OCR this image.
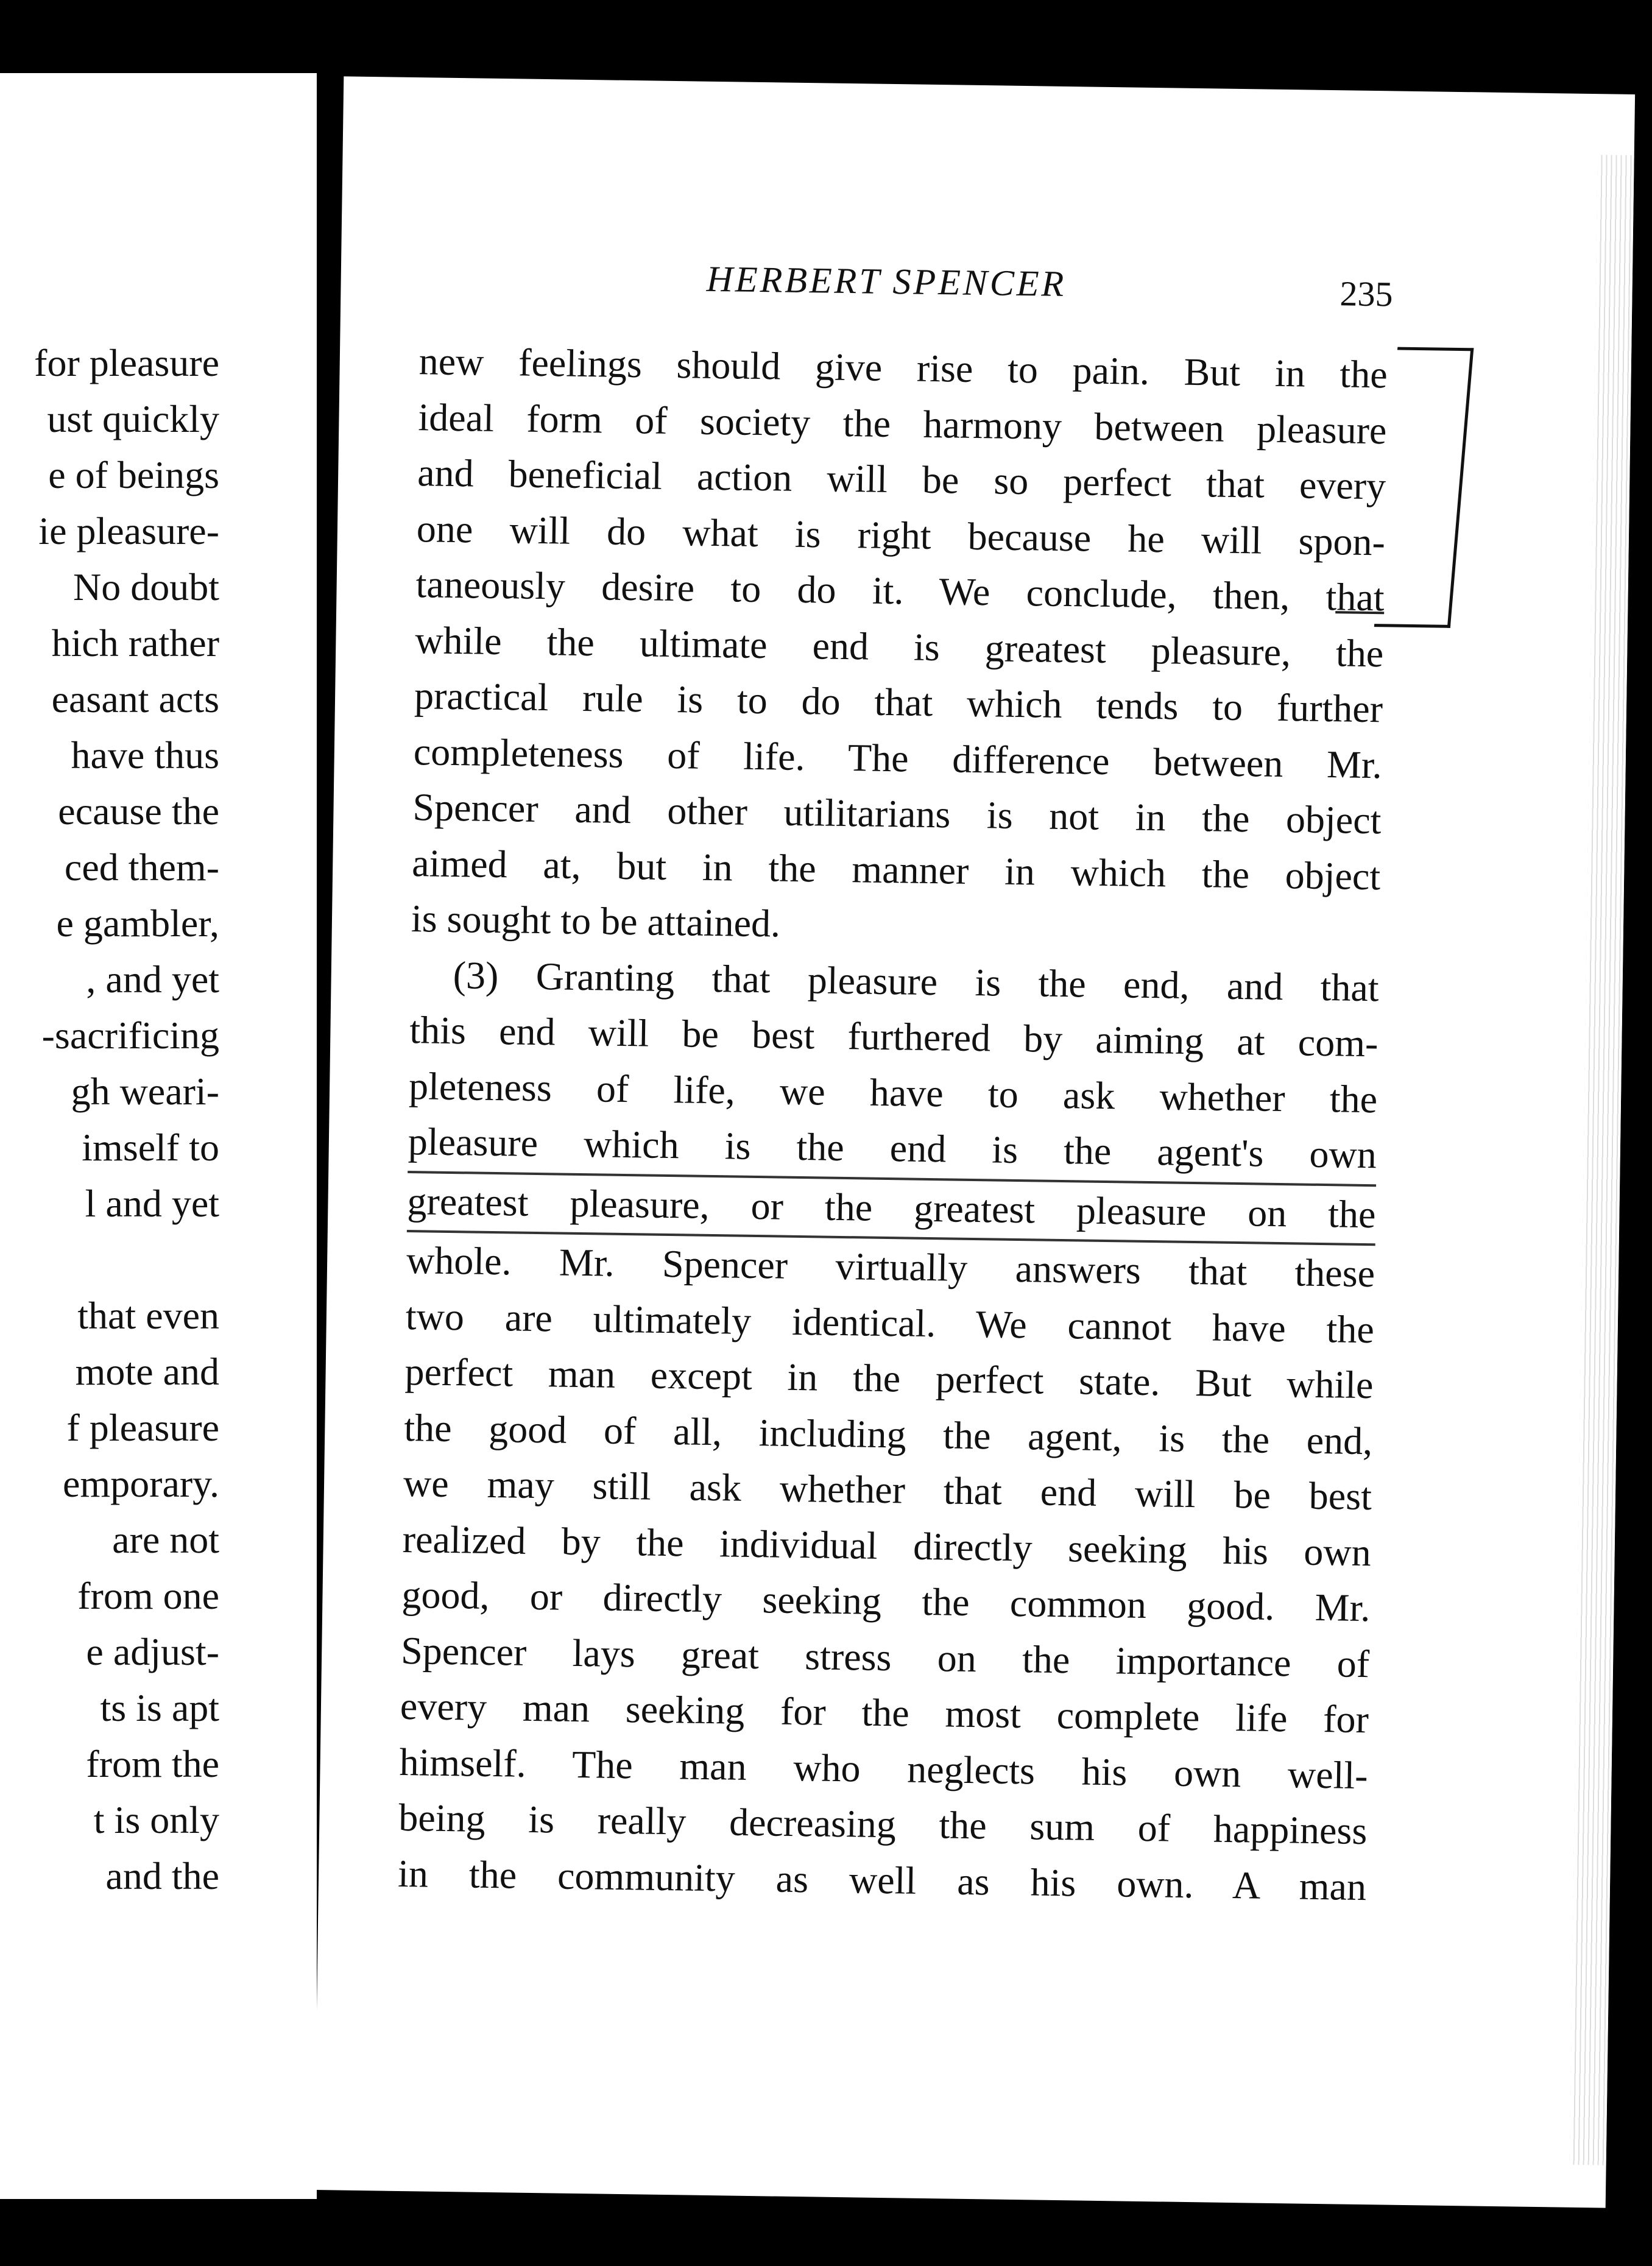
for pleasure
ust quickly
e of beings
ie pleasure-
No doubt
hich rather
easant acts
have thus
ecause the
ced them-
e gambler,
, and yet
-sacrificing
gh weari-
imself to
l and yet
that even
mote and
f pleasure
emporary.
are not
from one
e adjust-
ts is apt
from the
t is only
and the
HERBERT SPENCER	235
new feelings should give rise to pain. But in the
ideal form of society the harmony between pleasure
and beneficial action will be so perfect that every
one will do what is right because he will spon-
taneously desire to do it. We conclude, then, that
while the ultimate end is greatest pleasure, the
practical rule is to do that which tends to further
completeness of life. The difference between Mr.
Spencer and other utilitarians is not in the object
aimed at, but in the manner in which the object
is sought to be attained.
(3) Granting that pleasure is the end, and that
this end will be best furthered by aiming at com-
pleteness of life, we have to ask whether the
pleasure which is the end is the agent's own
greatest pleasure, or the greatest pleasure on the
whole. Mr. Spencer virtually answers that these
two are ultimately identical. We cannot have the
perfect man except in the perfect state. But while
the good of all, including the agent, is the end,
we may still ask whether that end will be best
realized by the individual directly seeking his own
good, or directly seeking the common good. Mr.
Spencer lays great stress on the importance of
every man seeking for the most complete life for
himself. The man who neglects his own well-
being is really decreasing the sum of happiness
in the community as well as his own. A man
